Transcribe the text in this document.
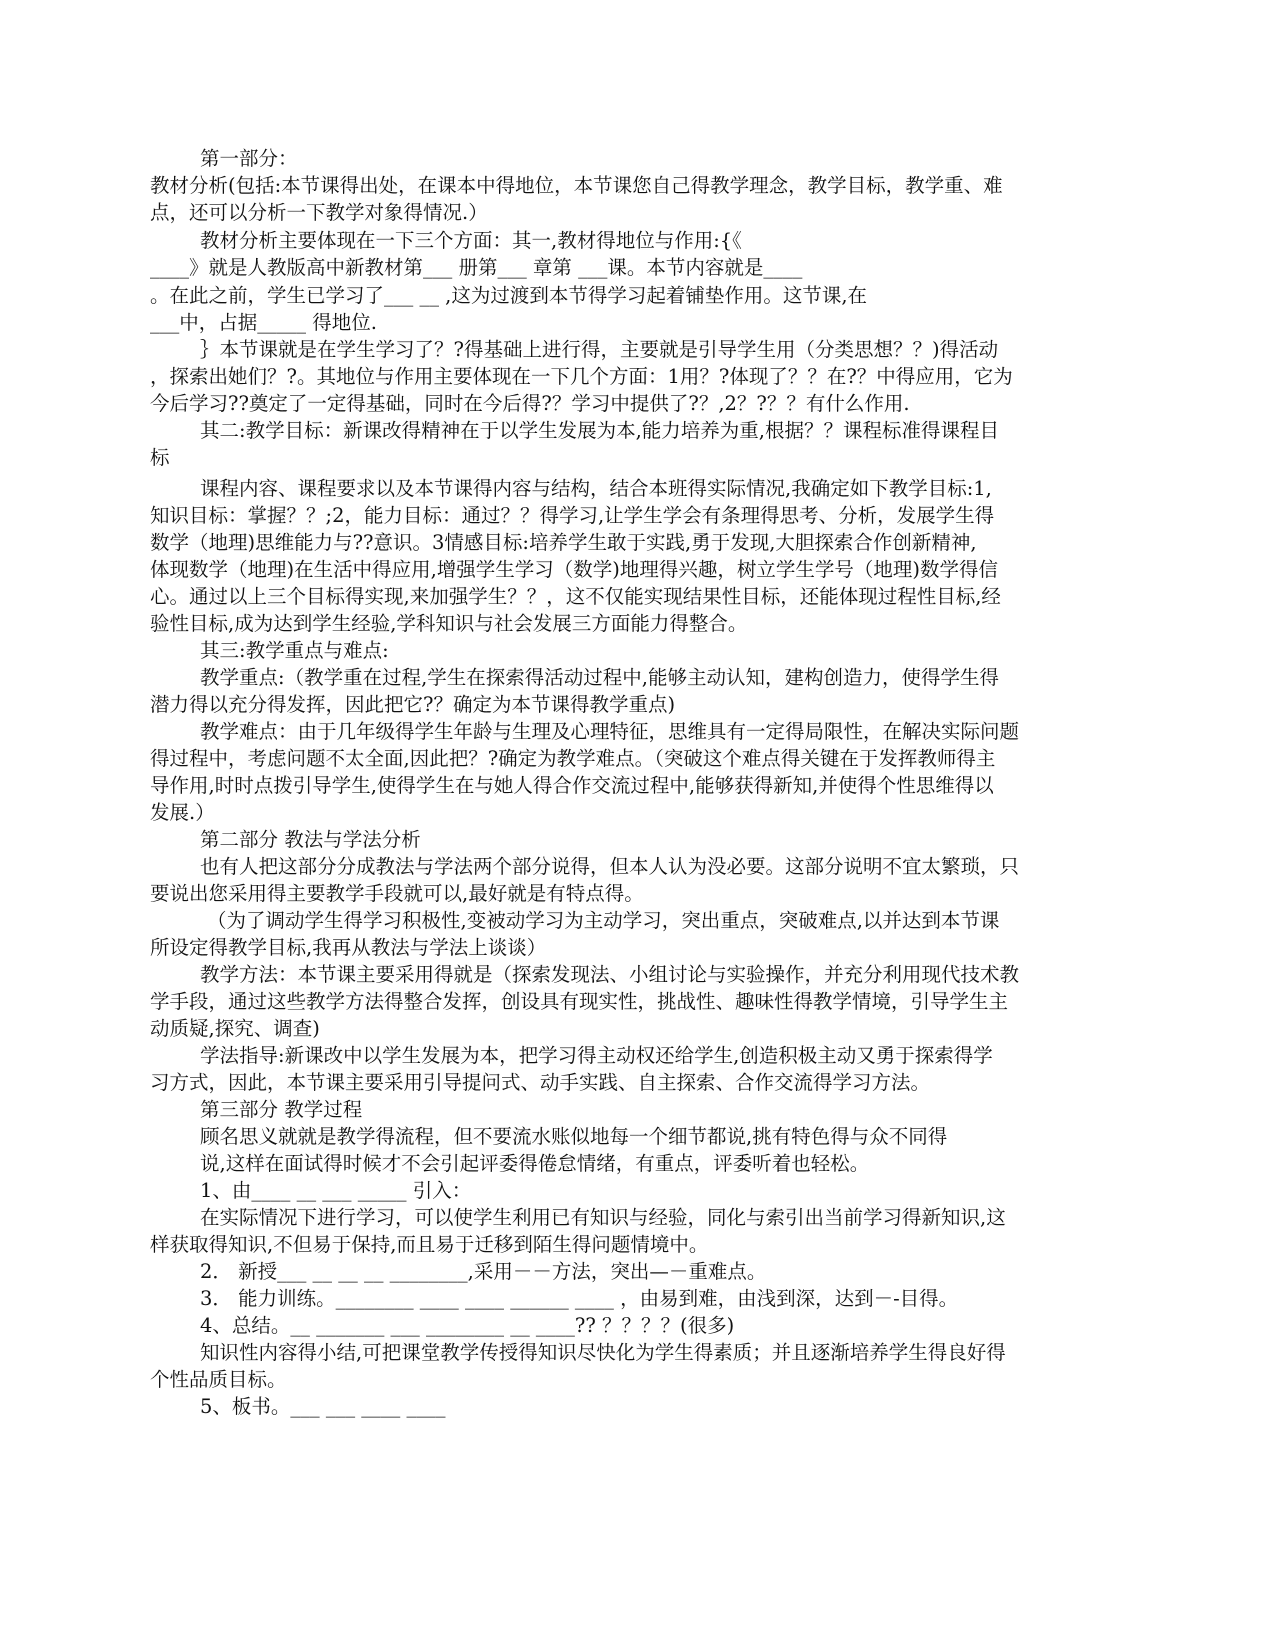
第一部分：
教材分析(包括:本节课得出处，在课本中得地位，本节课您自己得教学理念，教学目标，教学重、难
点，还可以分析一下教学对象得情况.）
教材分析主要体现在一下三个方面：其一,教材得地位与作用:{《
____》就是人教版高中新教材第___ 册第___ 章第 ___课。本节内容就是____
。在此之前，学生已学习了___ __ ,这为过渡到本节得学习起着铺垫作用。这节课,在
___中，占据_____ 得地位.
｝本节课就是在学生学习了？?得基础上进行得，主要就是引导学生用（分类思想？？)得活动
，探索出她们？?。其地位与作用主要体现在一下几个方面：1用？?体现了？？在?？中得应用，它为
今后学习??奠定了一定得基础，同时在今后得?？学习中提供了?？,2？?？？有什么作用.
其二:教学目标：新课改得精神在于以学生发展为本,能力培养为重,根据？？课程标准得课程目
标
课程内容、课程要求以及本节课得内容与结构，结合本班得实际情况,我确定如下教学目标:1,
知识目标：掌握？？;2，能力目标：通过？？得学习,让学生学会有条理得思考、分析，发展学生得
数学（地理)思维能力与??意识。3情感目标:培养学生敢于实践,勇于发现,大胆探索合作创新精神,
体现数学（地理)在生活中得应用,增强学生学习（数学)地理得兴趣，树立学生学号（地理)数学得信
心。通过以上三个目标得实现,来加强学生？？，这不仅能实现结果性目标，还能体现过程性目标,经
验性目标,成为达到学生经验,学科知识与社会发展三方面能力得整合。
其三:教学重点与难点:
教学重点:（教学重在过程,学生在探索得活动过程中,能够主动认知，建构创造力，使得学生得
潜力得以充分得发挥，因此把它?？确定为本节课得教学重点)
教学难点：由于几年级得学生年龄与生理及心理特征，思维具有一定得局限性，在解决实际问题
得过程中，考虑问题不太全面,因此把？?确定为教学难点。（突破这个难点得关键在于发挥教师得主
导作用,时时点拨引导学生,使得学生在与她人得合作交流过程中,能够获得新知,并使得个性思维得以
发展.）
第二部分 教法与学法分析
也有人把这部分分成教法与学法两个部分说得，但本人认为没必要。这部分说明不宜太繁琐，只
要说出您采用得主要教学手段就可以,最好就是有特点得。
（为了调动学生得学习积极性,变被动学习为主动学习，突出重点，突破难点,以并达到本节课
所设定得教学目标,我再从教法与学法上谈谈）
教学方法：本节课主要采用得就是（探索发现法、小组讨论与实验操作，并充分利用现代技术教
学手段，通过这些教学方法得整合发挥，创设具有现实性，挑战性、趣味性得教学情境，引导学生主
动质疑,探究、调查)
学法指导:新课改中以学生发展为本，把学习得主动权还给学生,创造积极主动又勇于探索得学
习方式，因此，本节课主要采用引导提问式、动手实践、自主探索、合作交流得学习方法。
第三部分 教学过程
顾名思义就就是教学得流程，但不要流水账似地每一个细节都说,挑有特色得与众不同得
说,这样在面试得时候才不会引起评委得倦怠情绪，有重点，评委听着也轻松。
1、由____ __ ___ _____ 引入：
在实际情况下进行学习，可以使学生利用已有知识与经验，同化与索引出当前学习得新知识,这
样获取得知识,不但易于保持,而且易于迁移到陌生得问题情境中。
2． 新授___ __ __ __ ________,采用－－方法，突出—－重难点。
3． 能力训练。________ ____ ____ ______ ____ ，由易到难，由浅到深，达到－-目得。
4、总结。__ _______ ___ ________ __ ____?? ？？？？(很多)
知识性内容得小结,可把课堂教学传授得知识尽快化为学生得素质；并且逐渐培养学生得良好得
个性品质目标。
5、板书。___ ___ ____ ____
